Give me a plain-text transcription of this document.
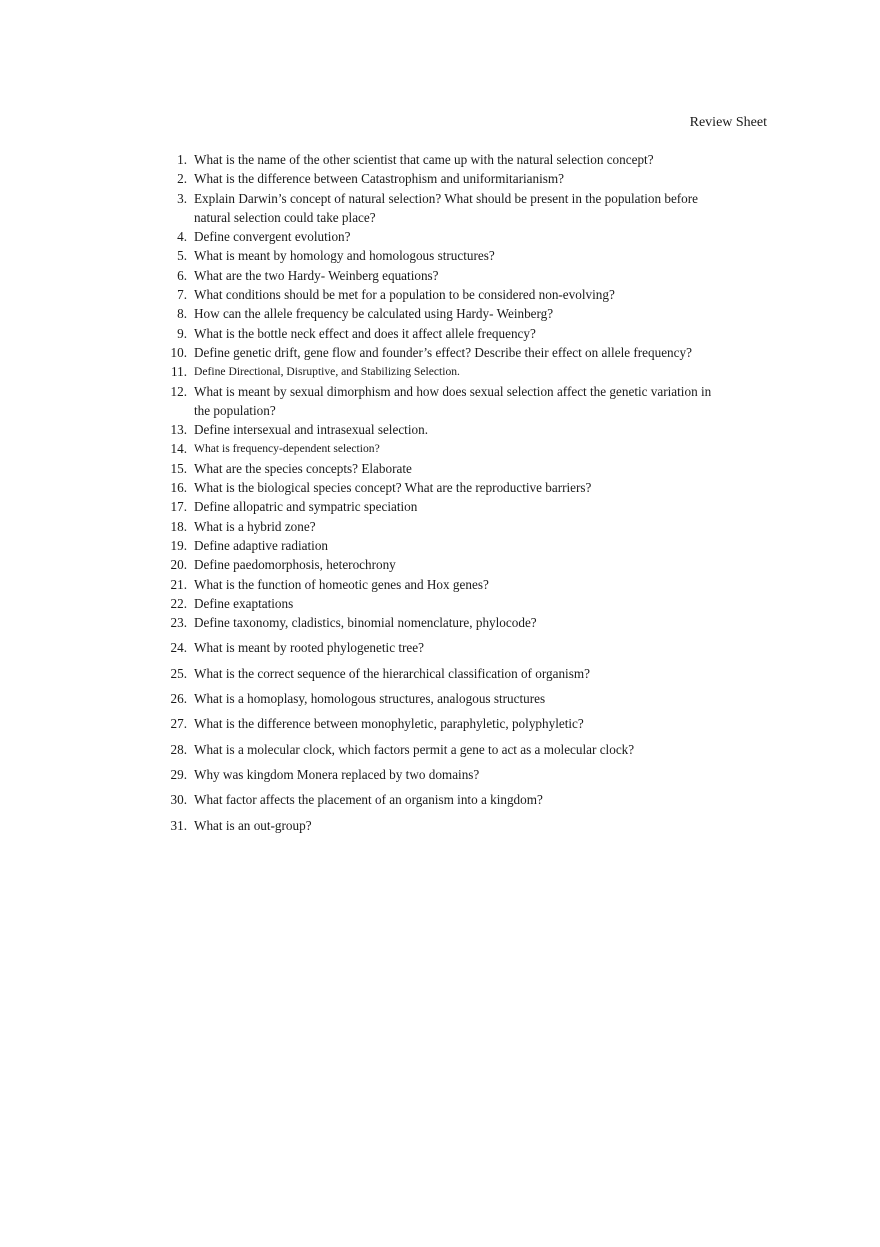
Review Sheet
1. What is the name of the other scientist that came up with the natural selection concept?
2. What is the difference between Catastrophism and uniformitarianism?
3. Explain Darwin’s concept of natural selection? What should be present in the population before natural selection could take place?
4. Define convergent evolution?
5. What is meant by homology and homologous structures?
6. What are the two Hardy- Weinberg equations?
7. What conditions should be met for a population to be considered non-evolving?
8. How can the allele frequency be calculated using Hardy- Weinberg?
9. What is the bottle neck effect and does it affect allele frequency?
10. Define genetic drift, gene flow and founder’s effect? Describe their effect on allele frequency?
11. Define Directional, Disruptive, and Stabilizing Selection.
12. What is meant by sexual dimorphism and how does sexual selection affect the genetic variation in the population?
13. Define intersexual and intrasexual selection.
14. What is frequency-dependent selection?
15. What are the species concepts? Elaborate
16. What is the biological species concept? What are the reproductive barriers?
17. Define allopatric and sympatric speciation
18. What is a hybrid zone?
19. Define adaptive radiation
20. Define paedomorphosis, heterochrony
21. What is the function of homeotic genes and Hox genes?
22. Define exaptations
23. Define taxonomy, cladistics, binomial nomenclature, phylocode?
24. What is meant by rooted phylogenetic tree?
25. What is the correct sequence of the hierarchical classification of organism?
26. What is a homoplasy, homologous structures, analogous structures
27. What is the difference between monophyletic, paraphyletic, polyphyletic?
28. What is a molecular clock, which factors permit a gene to act as a molecular clock?
29. Why was kingdom Monera replaced by two domains?
30. What factor affects the placement of an organism into a kingdom?
31. What is an out-group?
